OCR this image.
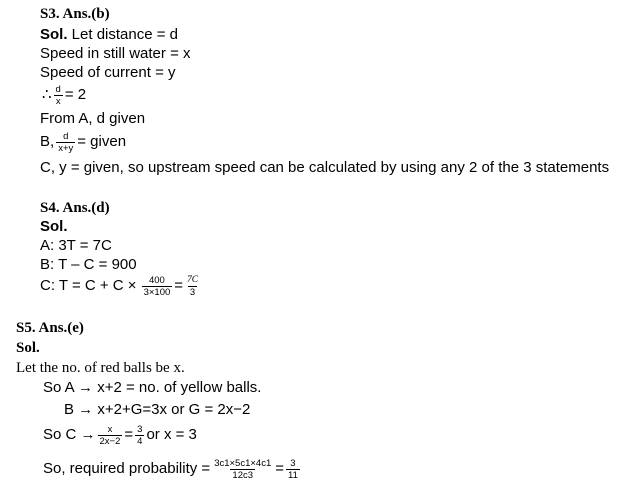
S3. Ans.(b)
Sol. Let distance = d
Speed in still water = x
Speed of current = y
∴ $\frac{d}{x} = 2$
From A, d given
B, $\frac{d}{x+y}$ = given
C, y = given, so upstream speed can be calculated by using any 2 of the 3 statements
S4. Ans.(d)
Sol.
A: 3T = 7C
B: T – C = 900
C: $T = C + C \times \frac{400}{3\times 100} = \frac{7C}{3}$
S5. Ans.(e)
Sol.
Let the no. of red balls be x.
So A → x+2 = no. of yellow balls.
B → x+2+G=3x or G = 2x−2
So $C \to \frac{x}{2x-2} = \frac{3}{4}$ or x = 3
So, required probability = $\frac{3c1\times 5c1\times 4c1}{12c3} = \frac{3}{11}$
